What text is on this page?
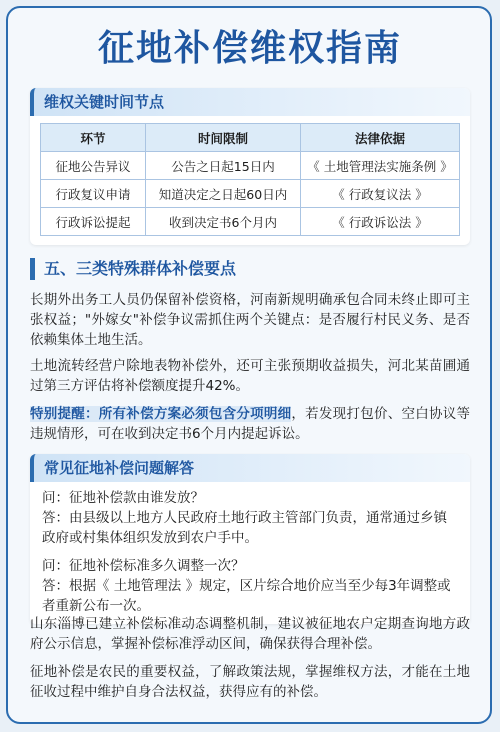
征地补偿维权指南
维权关键时间节点
环节	时间限制	法律依据
征地公告异议	公告之日起15日内	《 土地管理法实施条例 》
行政复议申请	知道决定之日起60日内	《 行政复议法 》
行政诉讼提起	收到决定书6个月内	《 行政诉讼法 》
五、三类特殊群体补偿要点

长期外出务工人员仍保留补偿资格，河南新规明确承包合同未终止即可主张权益；"外嫁女"补偿争议需抓住两个关键点：是否履行村民义务、是否依赖集体土地生活。

土地流转经营户除地表物补偿外，还可主张预期收益损失，河北某苗圃通过第三方评估将补偿额度提升42%。

特别提醒：所有补偿方案必须包含分项明细，若发现打包价、空白协议等违规情形，可在收到决定书6个月内提起诉讼。

常见征地补偿问题解答

问：征地补偿款由谁发放？

答：由县级以上地方人民政府土地行政主管部门负责，通常通过乡镇政府或村集体组织发放到农户手中。

问：征地补偿标准多久调整一次？

答：根据《 土地管理法 》规定，区片综合地价应当至少每3年调整或者重新公布一次。

山东淄博已建立补偿标准动态调整机制，建议被征地农户定期查询地方政府公示信息，掌握补偿标准浮动区间，确保获得合理补偿。

征地补偿是农民的重要权益，了解政策法规，掌握维权方法，才能在土地征收过程中维护自身合法权益，获得应有的补偿。
